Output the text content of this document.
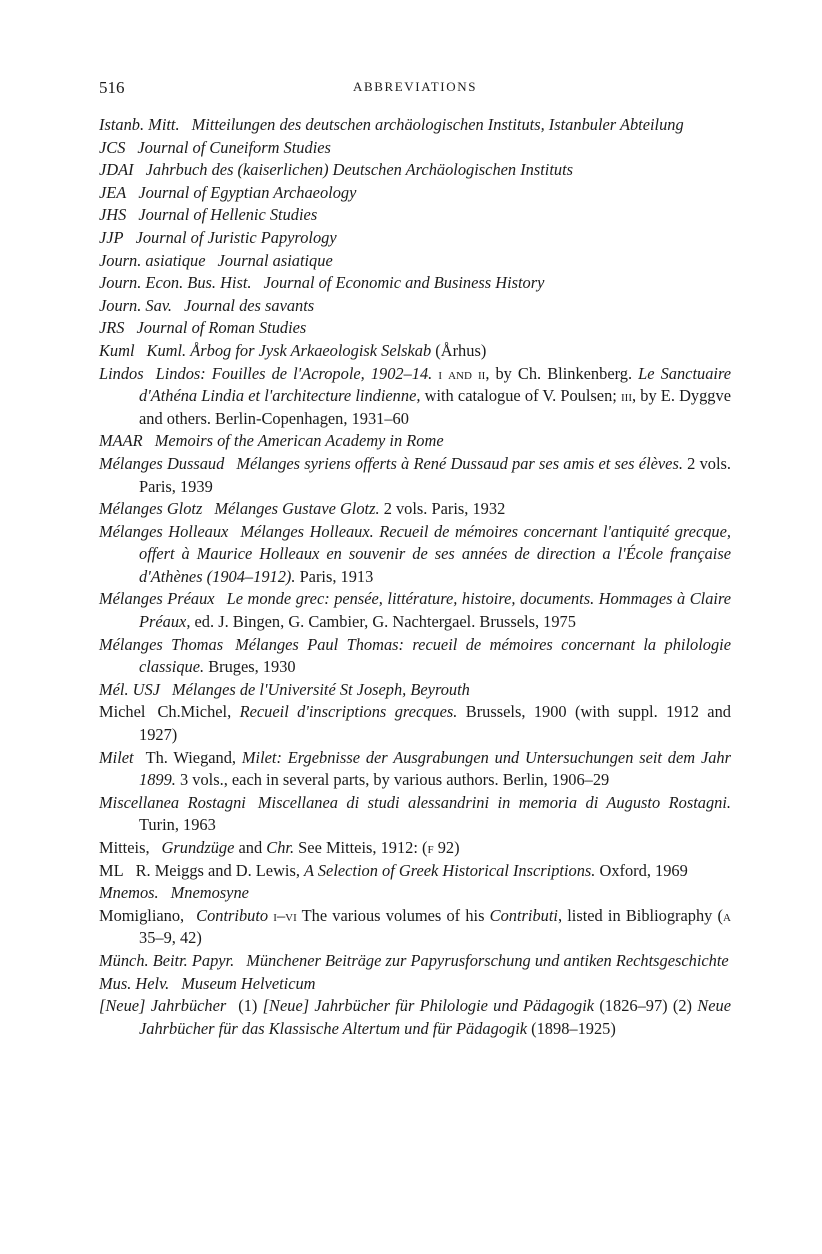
516	ABBREVIATIONS

Istanb. Mitt. Mitteilungen des deutschen archäologischen Instituts, Istanbuler Abteilung

JCS Journal of Cuneiform Studies

JDAI Jahrbuch des (kaiserlichen) Deutschen Archäologischen Instituts

JEA Journal of Egyptian Archaeology

JHS Journal of Hellenic Studies

JJP Journal of Juristic Papyrology

Journ. asiatique Journal asiatique

Journ. Econ. Bus. Hist. Journal of Economic and Business History

Journ. Sav. Journal des savants

JRS Journal of Roman Studies

Kuml Kuml. Årbog for Jysk Arkaeologisk Selskab (Århus)

Lindos Lindos: Fouilles de l'Acropole, 1902–14. i and ii, by Ch. Blinkenberg. Le Sanctuaire d'Athéna Lindia et l'architecture lindienne, with catalogue of V. Poulsen; iii, by E. Dyggve and others. Berlin-Copenhagen, 1931–60

MAAR Memoirs of the American Academy in Rome

Mélanges Dussaud Mélanges syriens offerts à René Dussaud par ses amis et ses élèves. 2 vols. Paris, 1939

Mélanges Glotz Mélanges Gustave Glotz. 2 vols. Paris, 1932

Mélanges Holleaux Mélanges Holleaux. Recueil de mémoires concernant l'antiquité grecque, offert à Maurice Holleaux en souvenir de ses années de direction a l'École française d'Athènes (1904–1912). Paris, 1913

Mélanges Préaux Le monde grec: pensée, littérature, histoire, documents. Hommages à Claire Préaux, ed. J. Bingen, G. Cambier, G. Nachtergael. Brussels, 1975

Mélanges Thomas Mélanges Paul Thomas: recueil de mémoires concernant la philologie classique. Bruges, 1930

Mél. USJ Mélanges de l'Université St Joseph, Beyrouth

Michel Ch.Michel, Recueil d'inscriptions grecques. Brussels, 1900 (with suppl. 1912 and 1927)

Milet Th. Wiegand, Milet: Ergebnisse der Ausgrabungen und Untersuchungen seit dem Jahr 1899. 3 vols., each in several parts, by various authors. Berlin, 1906–29

Miscellanea Rostagni Miscellanea di studi alessandrini in memoria di Augusto Rostagni. Turin, 1963

Mitteis, Grundzüge and Chr. See Mitteis, 1912: (f 92)

ML R. Meiggs and D. Lewis, A Selection of Greek Historical Inscriptions. Oxford, 1969

Mnemos. Mnemosyne

Momigliano, Contributo i–vi The various volumes of his Contributi, listed in Bibliography (a 35–9, 42)

Münch. Beitr. Papyr. Münchener Beiträge zur Papyrusforschung und antiken Rechtsgeschichte

Mus. Helv. Museum Helveticum

[Neue] Jahrbücher (1) [Neue] Jahrbücher für Philologie und Pädagogik (1826–97) (2) Neue Jahrbücher für das Klassische Altertum und für Pädagogik (1898–1925)
